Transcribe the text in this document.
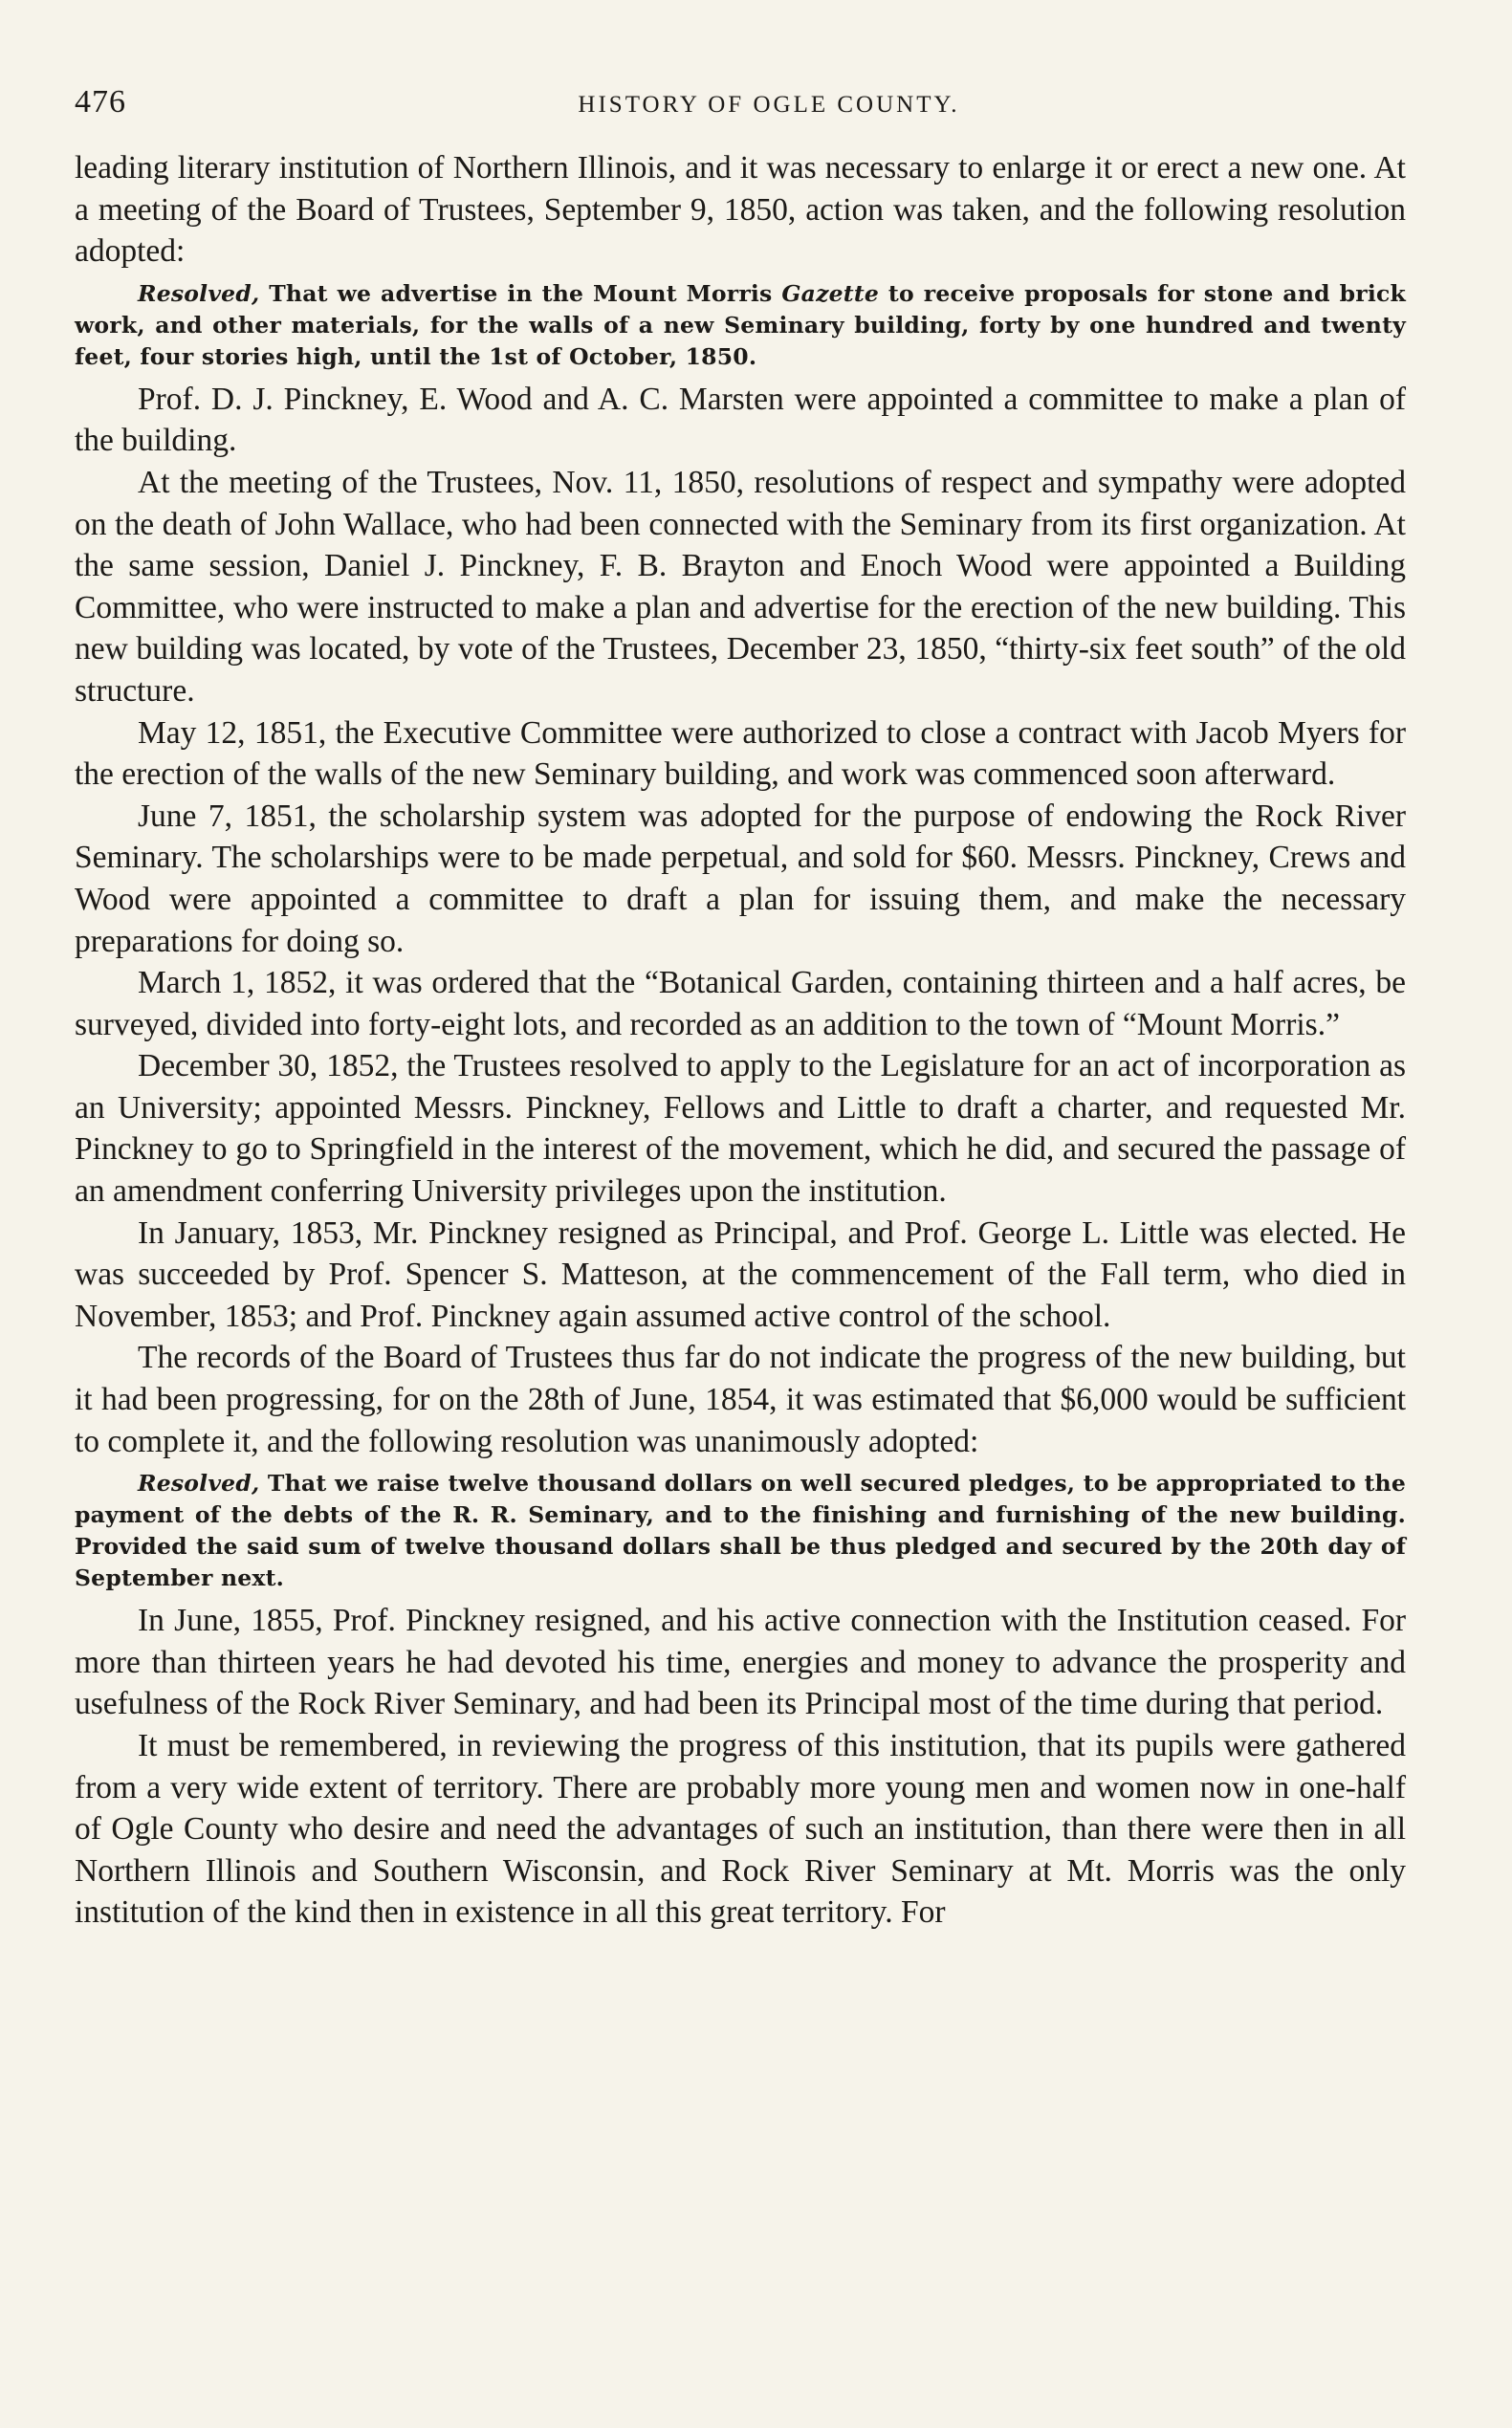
476	HISTORY OF OGLE COUNTY.

leading literary institution of Northern Illinois, and it was necessary to enlarge it or erect a new one. At a meeting of the Board of Trustees, September 9, 1850, action was taken, and the following resolution adopted:

Resolved, That we advertise in the Mount Morris Gazette to receive proposals for stone and brick work, and other materials, for the walls of a new Seminary building, forty by one hundred and twenty feet, four stories high, until the 1st of October, 1850.

Prof. D. J. Pinckney, E. Wood and A. C. Marsten were appointed a committee to make a plan of the building.

At the meeting of the Trustees, Nov. 11, 1850, resolutions of respect and sympathy were adopted on the death of John Wallace, who had been connected with the Seminary from its first organization. At the same session, Daniel J. Pinckney, F. B. Brayton and Enoch Wood were appointed a Building Committee, who were instructed to make a plan and advertise for the erection of the new building. This new building was located, by vote of the Trustees, December 23, 1850, “thirty-six feet south” of the old structure.

May 12, 1851, the Executive Committee were authorized to close a contract with Jacob Myers for the erection of the walls of the new Seminary building, and work was commenced soon afterward.

June 7, 1851, the scholarship system was adopted for the purpose of endowing the Rock River Seminary. The scholarships were to be made perpetual, and sold for $60. Messrs. Pinckney, Crews and Wood were appointed a committee to draft a plan for issuing them, and make the necessary preparations for doing so.

March 1, 1852, it was ordered that the “Botanical Garden, containing thirteen and a half acres, be surveyed, divided into forty-eight lots, and recorded as an addition to the town of “Mount Morris.”

December 30, 1852, the Trustees resolved to apply to the Legislature for an act of incorporation as an University; appointed Messrs. Pinckney, Fellows and Little to draft a charter, and requested Mr. Pinckney to go to Springfield in the interest of the movement, which he did, and secured the passage of an amendment conferring University privileges upon the institution.

In January, 1853, Mr. Pinckney resigned as Principal, and Prof. George L. Little was elected. He was succeeded by Prof. Spencer S. Matteson, at the commencement of the Fall term, who died in November, 1853; and Prof. Pinckney again assumed active control of the school.

The records of the Board of Trustees thus far do not indicate the progress of the new building, but it had been progressing, for on the 28th of June, 1854, it was estimated that $6,000 would be sufficient to complete it, and the following resolution was unanimously adopted:

Resolved, That we raise twelve thousand dollars on well secured pledges, to be appropriated to the payment of the debts of the R. R. Seminary, and to the finishing and furnishing of the new building. Provided the said sum of twelve thousand dollars shall be thus pledged and secured by the 20th day of September next.

In June, 1855, Prof. Pinckney resigned, and his active connection with the Institution ceased. For more than thirteen years he had devoted his time, energies and money to advance the prosperity and usefulness of the Rock River Seminary, and had been its Principal most of the time during that period.

It must be remembered, in reviewing the progress of this institution, that its pupils were gathered from a very wide extent of territory. There are probably more young men and women now in one-half of Ogle County who desire and need the advantages of such an institution, than there were then in all Northern Illinois and Southern Wisconsin, and Rock River Seminary at Mt. Morris was the only institution of the kind then in existence in all this great territory. For
